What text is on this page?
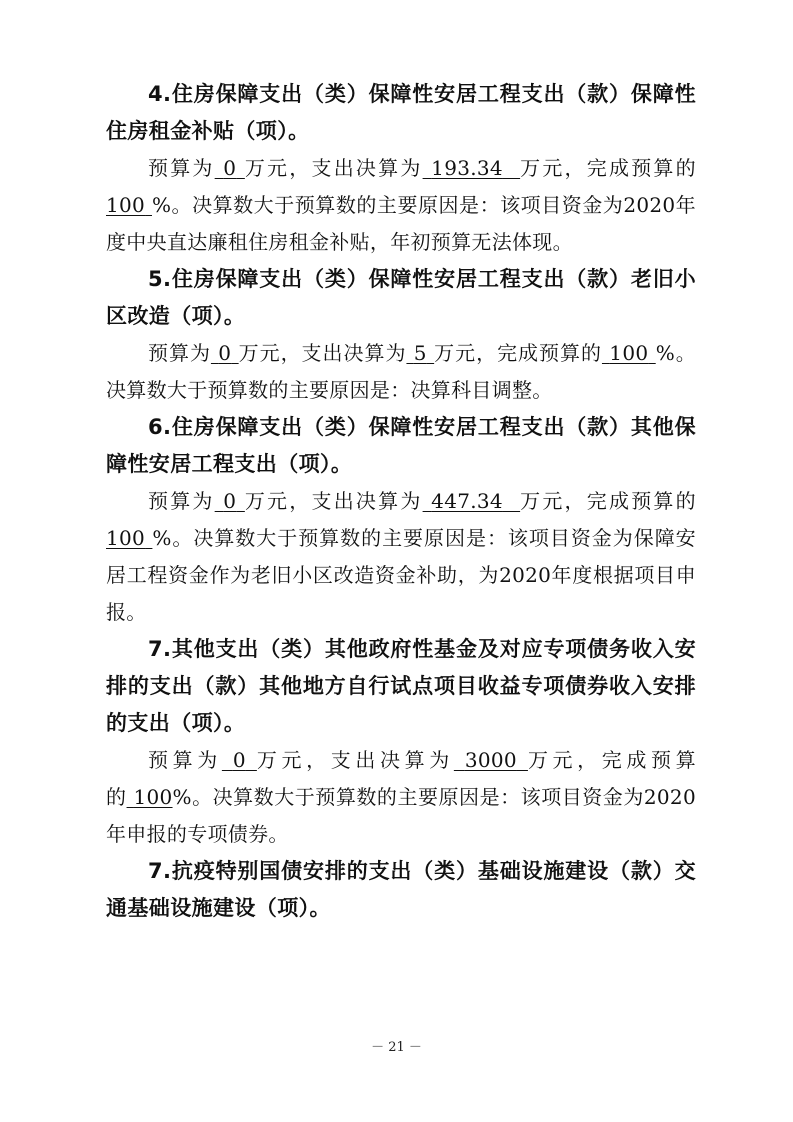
4.住房保障支出（类）保障性安居工程支出（款）保障性住房租金补贴（项）。

预算为 0 万元，支出决算为 193.34 万元，完成预算的100 %。决算数大于预算数的主要原因是：该项目资金为2020年度中央直达廉租住房租金补贴，年初预算无法体现。

5.住房保障支出（类）保障性安居工程支出（款）老旧小区改造（项）。

预算为 0 万元，支出决算为 5 万元，完成预算的 100 %。决算数大于预算数的主要原因是：决算科目调整。

6.住房保障支出（类）保障性安居工程支出（款）其他保障性安居工程支出（项）。

预算为 0 万元，支出决算为 447.34 万元，完成预算的100 %。决算数大于预算数的主要原因是：该项目资金为保障安居工程资金作为老旧小区改造资金补助，为2020年度根据项目申报。

7.其他支出（类）其他政府性基金及对应专项债务收入安排的支出（款）其他地方自行试点项目收益专项债券收入安排的支出（项）。

预算为 0 万元，支出决算为 3000 万元，完成预算的 100%。决算数大于预算数的主要原因是：该项目资金为2020年申报的专项债券。

7.抗疫特别国债安排的支出（类）基础设施建设（款）交通基础设施建设（项）。

－ 21 －
